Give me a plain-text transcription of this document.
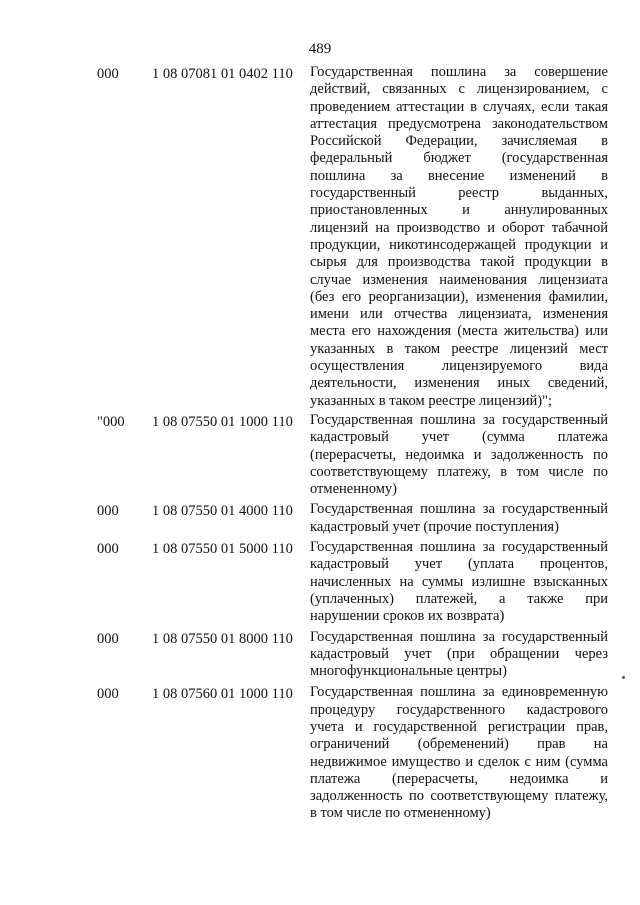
489
000 1 08 07081 01 0402 110 Государственная пошлина за совершение действий, связанных с лицензированием, с проведением аттестации в случаях, если такая аттестация предусмотрена законодательством Российской Федерации, зачисляемая в федеральный бюджет (государственная пошлина за внесение изменений в государственный реестр выданных, приостановленных и аннулированных лицензий на производство и оборот табачной продукции, никотинсодержащей продукции и сырья для производства такой продукции в случае изменения наименования лицензиата (без его реорганизации), изменения фамилии, имени или отчества лицензиата, изменения места его нахождения (места жительства) или указанных в таком реестре лицензий мест осуществления лицензируемого вида деятельности, изменения иных сведений, указанных в таком реестре лицензий)";
"000 1 08 07550 01 1000 110 Государственная пошлина за государственный кадастровый учет (сумма платежа (перерасчеты, недоимка и задолженность по соответствующему платежу, в том числе по отмененному)
000 1 08 07550 01 4000 110 Государственная пошлина за государственный кадастровый учет (прочие поступления)
000 1 08 07550 01 5000 110 Государственная пошлина за государственный кадастровый учет (уплата процентов, начисленных на суммы излишне взысканных (уплаченных) платежей, а также при нарушении сроков их возврата)
000 1 08 07550 01 8000 110 Государственная пошлина за государственный кадастровый учет (при обращении через многофункциональные центры)
000 1 08 07560 01 1000 110 Государственная пошлина за единовременную процедуру государственного кадастрового учета и государственной регистрации прав, ограничений (обременений) прав на недвижимое имущество и сделок с ним (сумма платежа (перерасчеты, недоимка и задолженность по соответствующему платежу, в том числе по отмененному)
